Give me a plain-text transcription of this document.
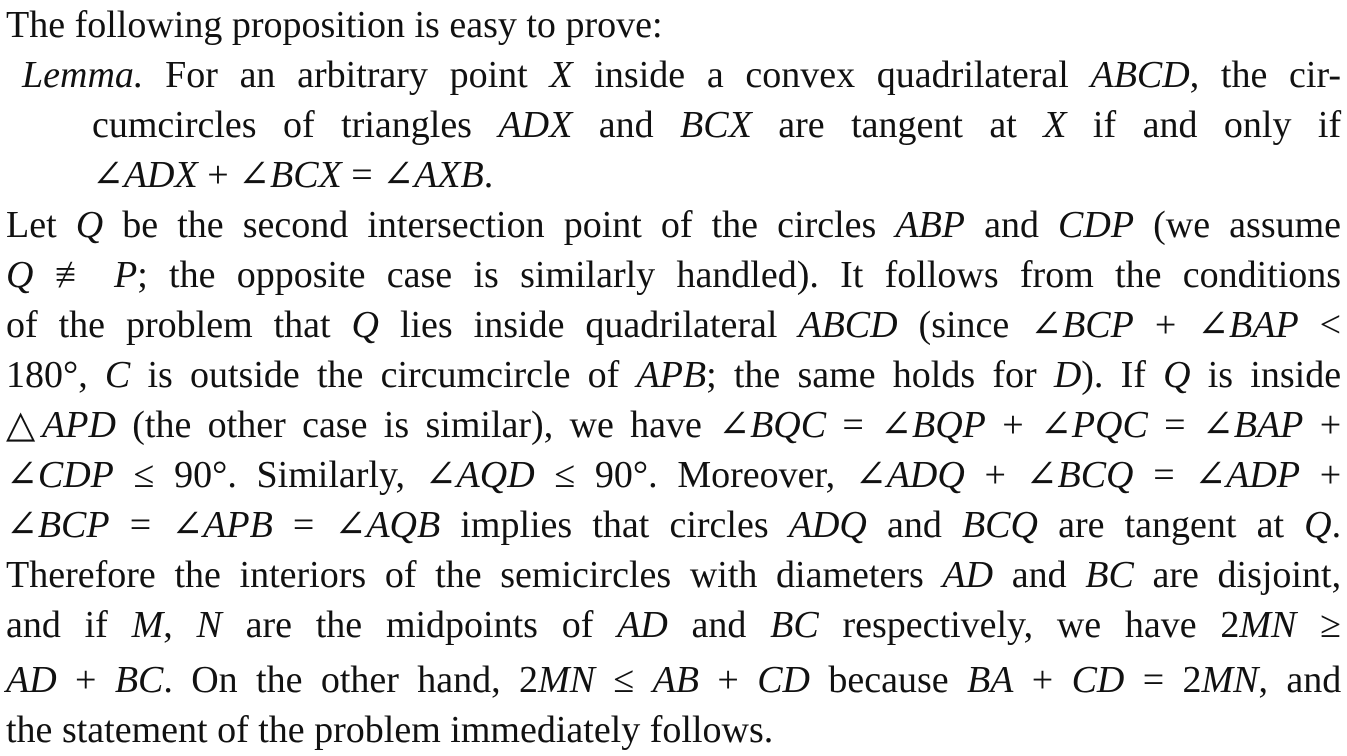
The following proposition is easy to prove:
Lemma. For an arbitrary point X inside a convex quadrilateral ABCD, the cir-
cumcircles of triangles ADX and BCX are tangent at X if and only if
∠ADX + ∠BCX = ∠AXB.
Let Q be the second intersection point of the circles ABP and CDP (we assume
Q ≢ P; the opposite case is similarly handled). It follows from the conditions
of the problem that Q lies inside quadrilateral ABCD (since ∠BCP + ∠BAP <
180°, C is outside the circumcircle of APB; the same holds for D). If Q is inside
△APD (the other case is similar), we have ∠BQC = ∠BQP + ∠PQC = ∠BAP +
∠CDP ≤ 90°. Similarly, ∠AQD ≤ 90°. Moreover, ∠ADQ + ∠BCQ = ∠ADP +
∠BCP = ∠APB = ∠AQB implies that circles ADQ and BCQ are tangent at Q.
Therefore the interiors of the semicircles with diameters AD and BC are disjoint,
and if M, N are the midpoints of AD and BC respectively, we have 2MN ≥
AD + BC. On the other hand, 2MN ≤ AB + CD because BA + CD = 2MN, and
the statement of the problem immediately follows.
